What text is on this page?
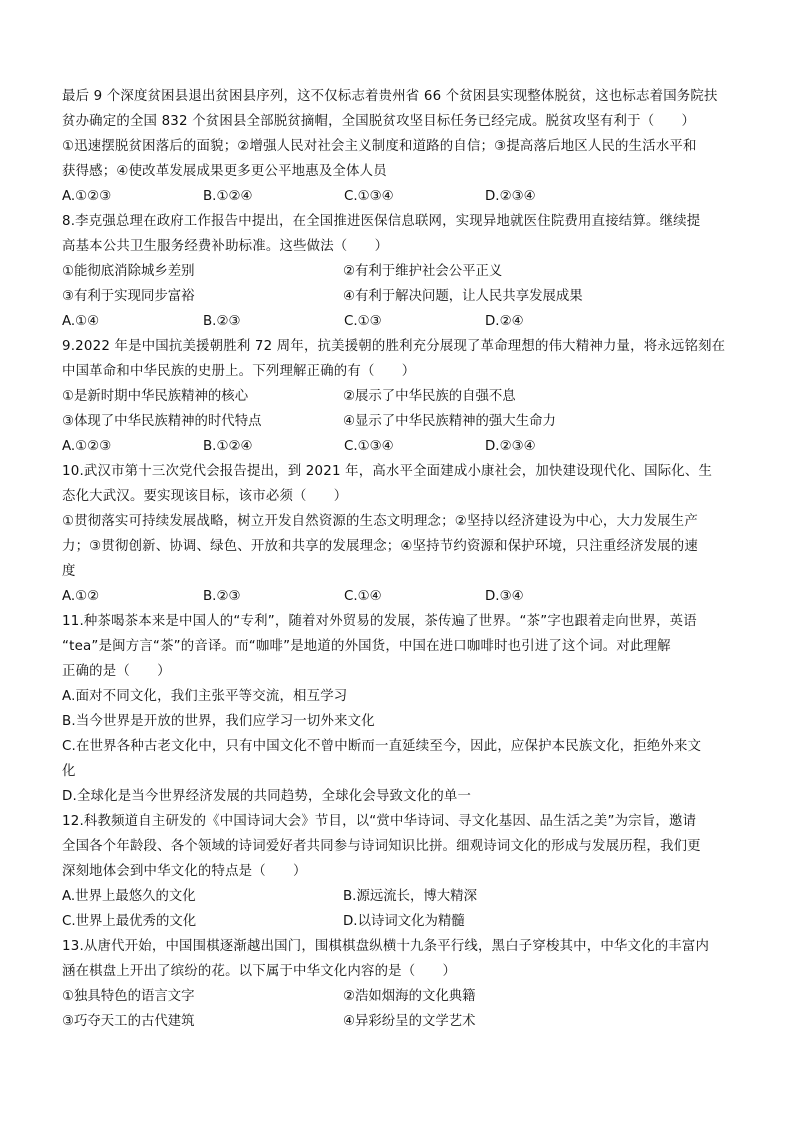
最后 9 个深度贫困县退出贫困县序列，这不仅标志着贵州省 66 个贫困县实现整体脱贫，这也标志着国务院扶
贫办确定的全国 832 个贫困县全部脱贫摘帽，全国脱贫攻坚目标任务已经完成。脱贫攻坚有利于（　　）
①迅速摆脱贫困落后的面貌；②增强人民对社会主义制度和道路的自信；③提高落后地区人民的生活水平和
获得感；④使改革发展成果更多更公平地惠及全体人员
A.①②③	B.①②④	C.①③④	D.②③④
8.李克强总理在政府工作报告中提出，在全国推进医保信息联网，实现异地就医住院费用直接结算。继续提
高基本公共卫生服务经费补助标准。这些做法（　　）
①能彻底消除城乡差别	②有利于维护社会公平正义
③有利于实现同步富裕	④有利于解决问题，让人民共享发展成果
A.①④	B.②③	C.①③	D.②④
9.2022 年是中国抗美援朝胜利 72 周年，抗美援朝的胜利充分展现了革命理想的伟大精神力量，将永远铭刻在
中国革命和中华民族的史册上。下列理解正确的有（　　）
①是新时期中华民族精神的核心	②展示了中华民族的自强不息
③体现了中华民族精神的时代特点	④显示了中华民族精神的强大生命力
A.①②③	B.①②④	C.①③④	D.②③④
10.武汉市第十三次党代会报告提出，到 2021 年，高水平全面建成小康社会，加快建设现代化、国际化、生
态化大武汉。要实现该目标，该市必须（　　）
①贯彻落实可持续发展战略，树立开发自然资源的生态文明理念；②坚持以经济建设为中心，大力发展生产
力；③贯彻创新、协调、绿色、开放和共享的发展理念；④坚持节约资源和保护环境，只注重经济发展的速
度
A.①②	B.②③	C.①④	D.③④
11.种茶喝茶本来是中国人的“专利”，随着对外贸易的发展，茶传遍了世界。“茶”字也跟着走向世界，英语
“tea”是闽方言“茶”的音译。而“咖啡”是地道的外国货，中国在进口咖啡时也引进了这个词。对此理解
正确的是（　　）
A.面对不同文化，我们主张平等交流，相互学习
B.当今世界是开放的世界，我们应学习一切外来文化
C.在世界各种古老文化中，只有中国文化不曾中断而一直延续至今，因此，应保护本民族文化，拒绝外来文
化
D.全球化是当今世界经济发展的共同趋势，全球化会导致文化的单一
12.科教频道自主研发的《中国诗词大会》节目，以“赏中华诗词、寻文化基因、品生活之美”为宗旨，邀请
全国各个年龄段、各个领域的诗词爱好者共同参与诗词知识比拼。细观诗词文化的形成与发展历程，我们更
深刻地体会到中华文化的特点是（　　）
A.世界上最悠久的文化	B.源远流长，博大精深
C.世界上最优秀的文化	D.以诗词文化为精髓
13.从唐代开始，中国围棋逐渐越出国门，围棋棋盘纵横十九条平行线，黑白子穿梭其中，中华文化的丰富内
涵在棋盘上开出了缤纷的花。以下属于中华文化内容的是（　　）
①独具特色的语言文字	②浩如烟海的文化典籍
③巧夺天工的古代建筑	④异彩纷呈的文学艺术
